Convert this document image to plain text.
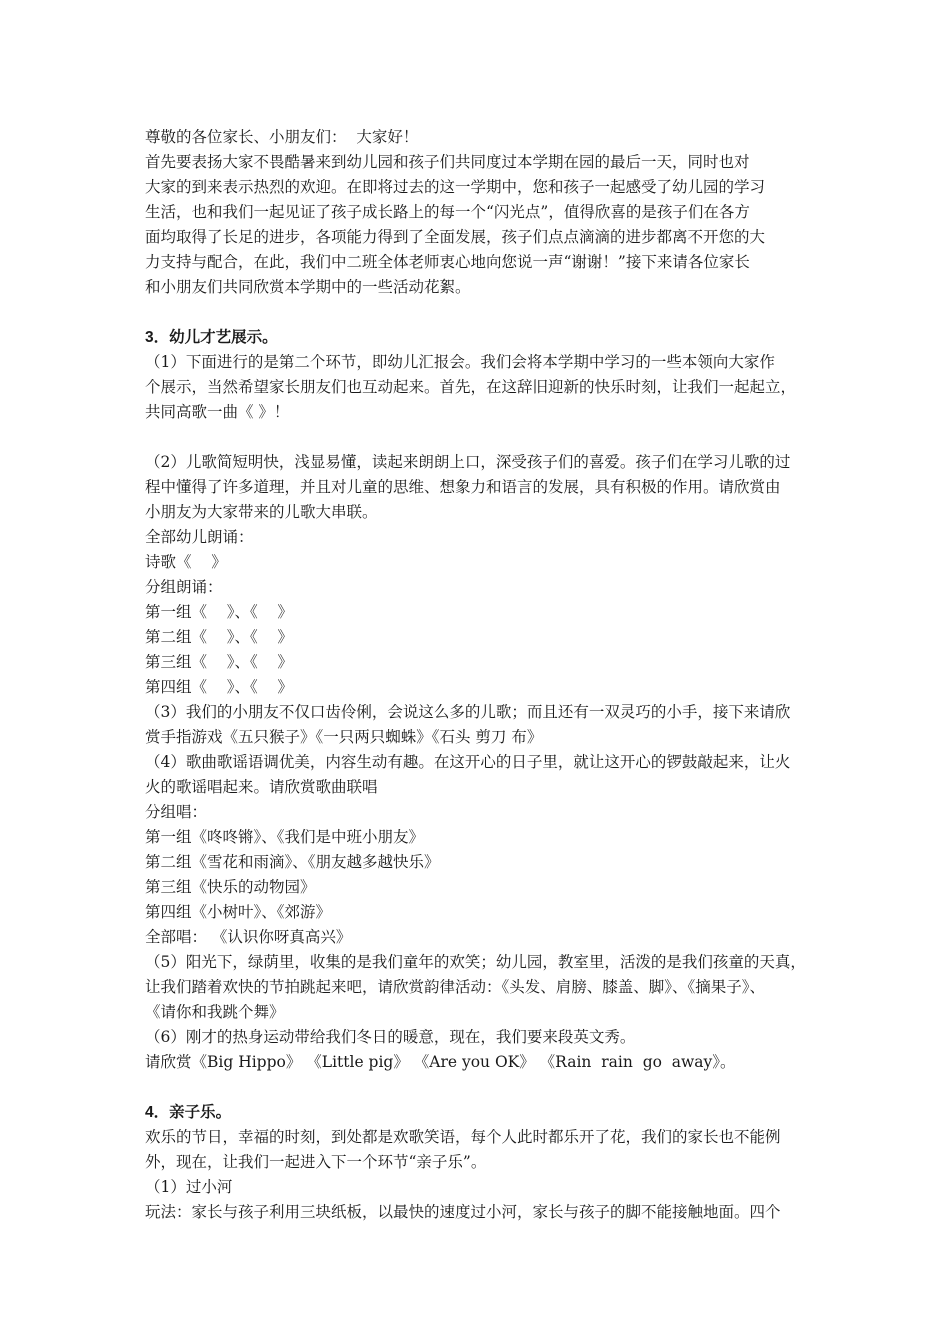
尊敬的各位家长、小朋友们：  大家好！
首先要表扬大家不畏酷暑来到幼儿园和孩子们共同度过本学期在园的最后一天，同时也对
大家的到来表示热烈的欢迎。在即将过去的这一学期中，您和孩子一起感受了幼儿园的学习
生活，也和我们一起见证了孩子成长路上的每一个“闪光点”，值得欣喜的是孩子们在各方
面均取得了长足的进步，各项能力得到了全面发展，孩子们点点滴滴的进步都离不开您的大
力支持与配合，在此，我们中二班全体老师衷心地向您说一声“谢谢！”接下来请各位家长
和小朋友们共同欣赏本学期中的一些活动花絮。
3．幼儿才艺展示。
（1）下面进行的是第二个环节，即幼儿汇报会。我们会将本学期中学习的一些本领向大家作
个展示，当然希望家长朋友们也互动起来。首先，在这辞旧迎新的快乐时刻，让我们一起起立，
共同高歌一曲《 》！
（2）儿歌简短明快，浅显易懂，读起来朗朗上口，深受孩子们的喜爱。孩子们在学习儿歌的过
程中懂得了许多道理，并且对儿童的思维、想象力和语言的发展，具有积极的作用。请欣赏由
小朋友为大家带来的儿歌大串联。
全部幼儿朗诵：
诗歌《    》
分组朗诵：
第一组《    》、《    》
第二组《    》、《    》
第三组《    》、《    》
第四组《    》、《    》
（3）我们的小朋友不仅口齿伶俐，会说这么多的儿歌；而且还有一双灵巧的小手，接下来请欣
赏手指游戏《五只猴子》《一只两只蜘蛛》《石头 剪刀 布》
（4）歌曲歌谣语调优美，内容生动有趣。在这开心的日子里，就让这开心的锣鼓敲起来，让火
火的歌谣唱起来。请欣赏歌曲联唱
分组唱：
第一组《咚咚锵》、《我们是中班小朋友》
第二组《雪花和雨滴》、《朋友越多越快乐》
第三组《快乐的动物园》
第四组《小树叶》、《郊游》
全部唱： 《认识你呀真高兴》
（5）阳光下，绿荫里，收集的是我们童年的欢笑；幼儿园，教室里，活泼的是我们孩童的天真，
让我们踏着欢快的节拍跳起来吧，请欣赏韵律活动：《头发、肩膀、膝盖、脚》、《摘果子》、
《请你和我跳个舞》
（6）刚才的热身运动带给我们冬日的暖意，现在，我们要来段英文秀。
请欣赏《Big Hippo》 《Little pig》 《Are you OK》 《Rain  rain  go  away》。
4．亲子乐。
欢乐的节日，幸福的时刻，到处都是欢歌笑语，每个人此时都乐开了花，我们的家长也不能例
外，现在，让我们一起进入下一个环节“亲子乐”。
（1）过小河
玩法：家长与孩子利用三块纸板，以最快的速度过小河，家长与孩子的脚不能接触地面。四个
